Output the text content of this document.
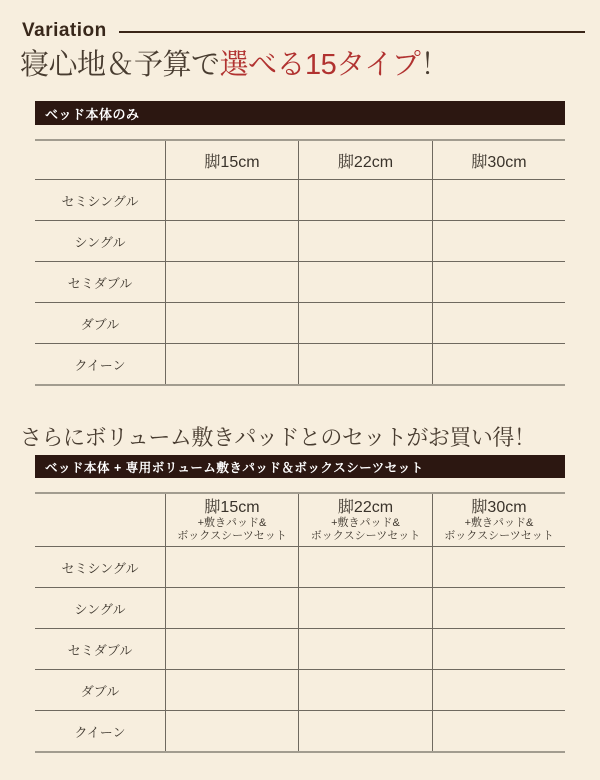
Variation
寝心地＆予算で選べる15タイプ！
ベッド本体のみ
脚15cm	脚22cm	脚30cm
セミシングル
シングル
セミダブル
ダブル
クイーン
さらにボリューム敷きパッドとのセットがお買い得！
ベッド本体 + 専用ボリューム敷きパッド＆ボックスシーツセット
脚15cm
+敷きパッド&
ボックスシーツセット
脚22cm
+敷きパッド&
ボックスシーツセット
脚30cm
+敷きパッド&
ボックスシーツセット
セミシングル
シングル
セミダブル
ダブル
クイーン
